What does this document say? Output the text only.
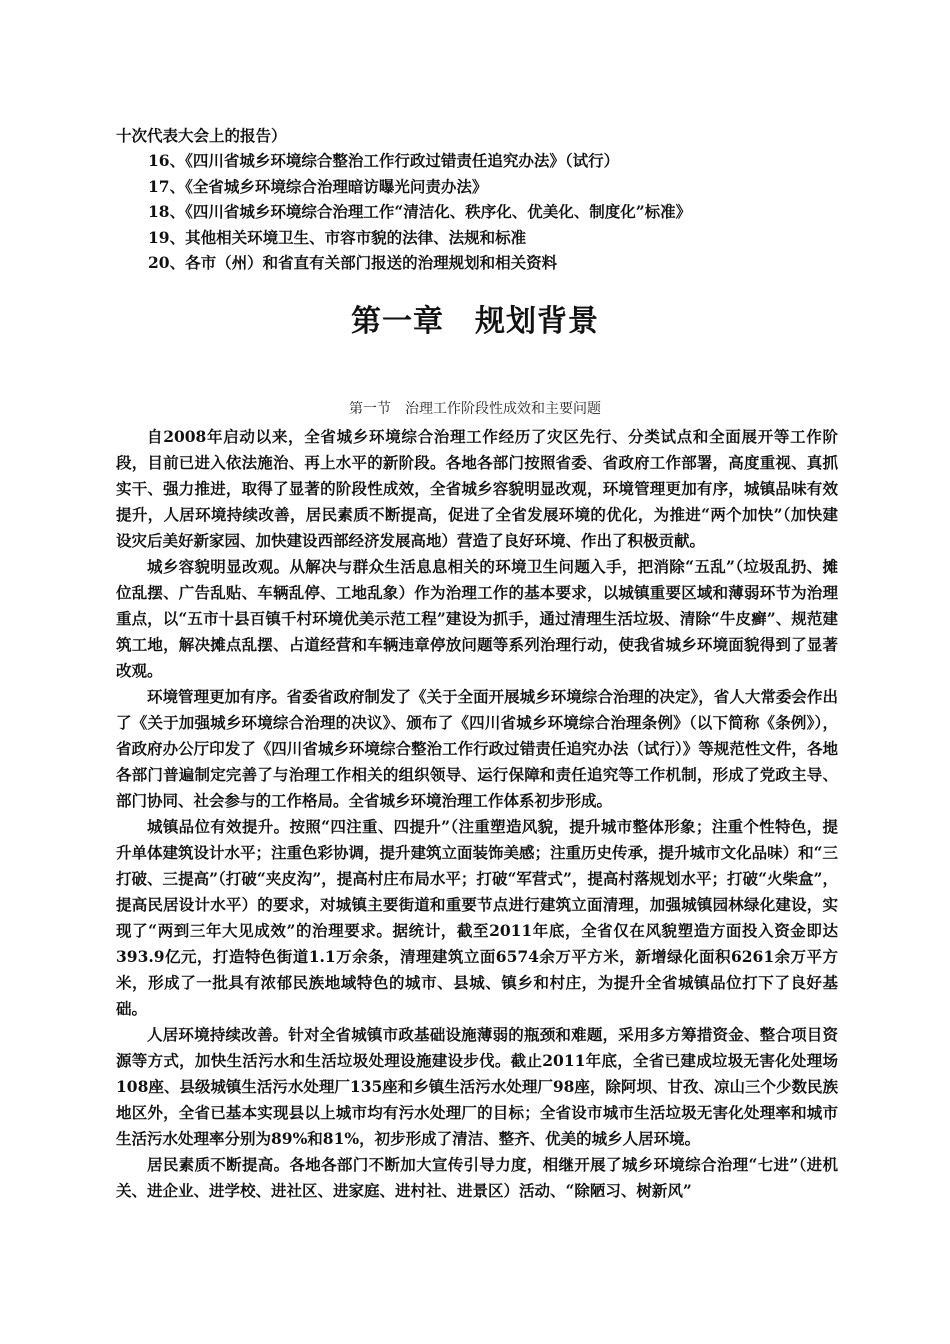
十次代表大会上的报告）
16、《四川省城乡环境综合整治工作行政过错责任追究办法》（试行）
17、《全省城乡环境综合治理暗访曝光问责办法》
18、《四川省城乡环境综合治理工作“清洁化、秩序化、优美化、制度化”标准》
19、其他相关环境卫生、市容市貌的法律、法规和标准
20、各市（州）和省直有关部门报送的治理规划和相关资料
第一章　规划背景
第一节　治理工作阶段性成效和主要问题

自2008年启动以来，全省城乡环境综合治理工作经历了灾区先行、分类试点和全面展开等工作阶段，目前已进入依法施治、再上水平的新阶段。各地各部门按照省委、省政府工作部署，高度重视、真抓实干、强力推进，取得了显著的阶段性成效，全省城乡容貌明显改观，环境管理更加有序，城镇品味有效提升，人居环境持续改善，居民素质不断提高，促进了全省发展环境的优化，为推进“两个加快”（加快建设灾后美好新家园、加快建设西部经济发展高地）营造了良好环境、作出了积极贡献。

城乡容貌明显改观。从解决与群众生活息息相关的环境卫生问题入手，把消除“五乱”（垃圾乱扔、摊位乱摆、广告乱贴、车辆乱停、工地乱象）作为治理工作的基本要求，以城镇重要区域和薄弱环节为治理重点，以“五市十县百镇千村环境优美示范工程”建设为抓手，通过清理生活垃圾、清除“牛皮癣”、规范建筑工地，解决摊点乱摆、占道经营和车辆违章停放问题等系列治理行动，使我省城乡环境面貌得到了显著改观。

环境管理更加有序。省委省政府制发了《关于全面开展城乡环境综合治理的决定》，省人大常委会作出了《关于加强城乡环境综合治理的决议》、颁布了《四川省城乡环境综合治理条例》（以下简称《条例》），省政府办公厅印发了《四川省城乡环境综合整治工作行政过错责任追究办法（试行）》等规范性文件，各地各部门普遍制定完善了与治理工作相关的组织领导、运行保障和责任追究等工作机制，形成了党政主导、部门协同、社会参与的工作格局。全省城乡环境治理工作体系初步形成。

城镇品位有效提升。按照“四注重、四提升”（注重塑造风貌，提升城市整体形象；注重个性特色，提升单体建筑设计水平；注重色彩协调，提升建筑立面装饰美感；注重历史传承，提升城市文化品味）和“三打破、三提高”（打破“夹皮沟”，提高村庄布局水平；打破“军营式”，提高村落规划水平；打破“火柴盒”，提高民居设计水平）的要求，对城镇主要街道和重要节点进行建筑立面清理，加强城镇园林绿化建设，实现了“两到三年大见成效”的治理要求。据统计，截至2011年底，全省仅在风貌塑造方面投入资金即达393.9亿元，打造特色街道1.1万余条，清理建筑立面6574余万平方米，新增绿化面积6261余万平方米，形成了一批具有浓郁民族地域特色的城市、县城、镇乡和村庄，为提升全省城镇品位打下了良好基础。

人居环境持续改善。针对全省城镇市政基础设施薄弱的瓶颈和难题，采用多方筹措资金、整合项目资源等方式，加快生活污水和生活垃圾处理设施建设步伐。截止2011年底，全省已建成垃圾无害化处理场108座、县级城镇生活污水处理厂135座和乡镇生活污水处理厂98座，除阿坝、甘孜、凉山三个少数民族地区外，全省已基本实现县以上城市均有污水处理厂的目标；全省设市城市生活垃圾无害化处理率和城市生活污水处理率分别为89%和81%，初步形成了清洁、整齐、优美的城乡人居环境。

居民素质不断提高。各地各部门不断加大宣传引导力度，相继开展了城乡环境综合治理“七进”（进机关、进企业、进学校、进社区、进家庭、进村社、进景区）活动、“除陋习、树新风”
